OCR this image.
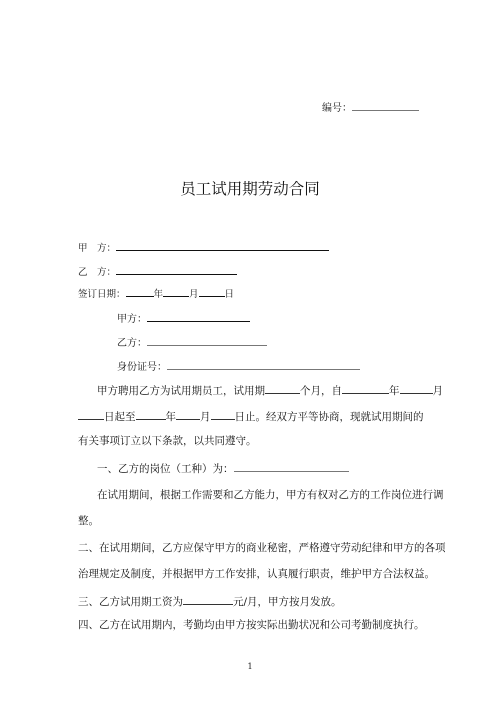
编号：
员工试用期劳动合同
甲　方：
乙　方：
签订日期：	年	月	日
甲方：
乙方：
身份证号：
甲方聘用乙方为试用期员工，试用期	个月，自	年	月
日起至	年 月 日止。经双方平等协商，现就试用期间的
有关事项订立以下条款，以共同遵守。
一、乙方的岗位（工种）为：
在试用期间，根据工作需要和乙方能力，甲方有权对乙方的工作岗位进行调
整。
二、在试用期间，乙方应保守甲方的商业秘密，严格遵守劳动纪律和甲方的各项
治理规定及制度，并根据甲方工作安排，认真履行职责，维护甲方合法权益。
三、乙方试用期工资为	元/月，甲方按月发放。
四、乙方在试用期内，考勤均由甲方按实际出勤状况和公司考勤制度执行。
1
